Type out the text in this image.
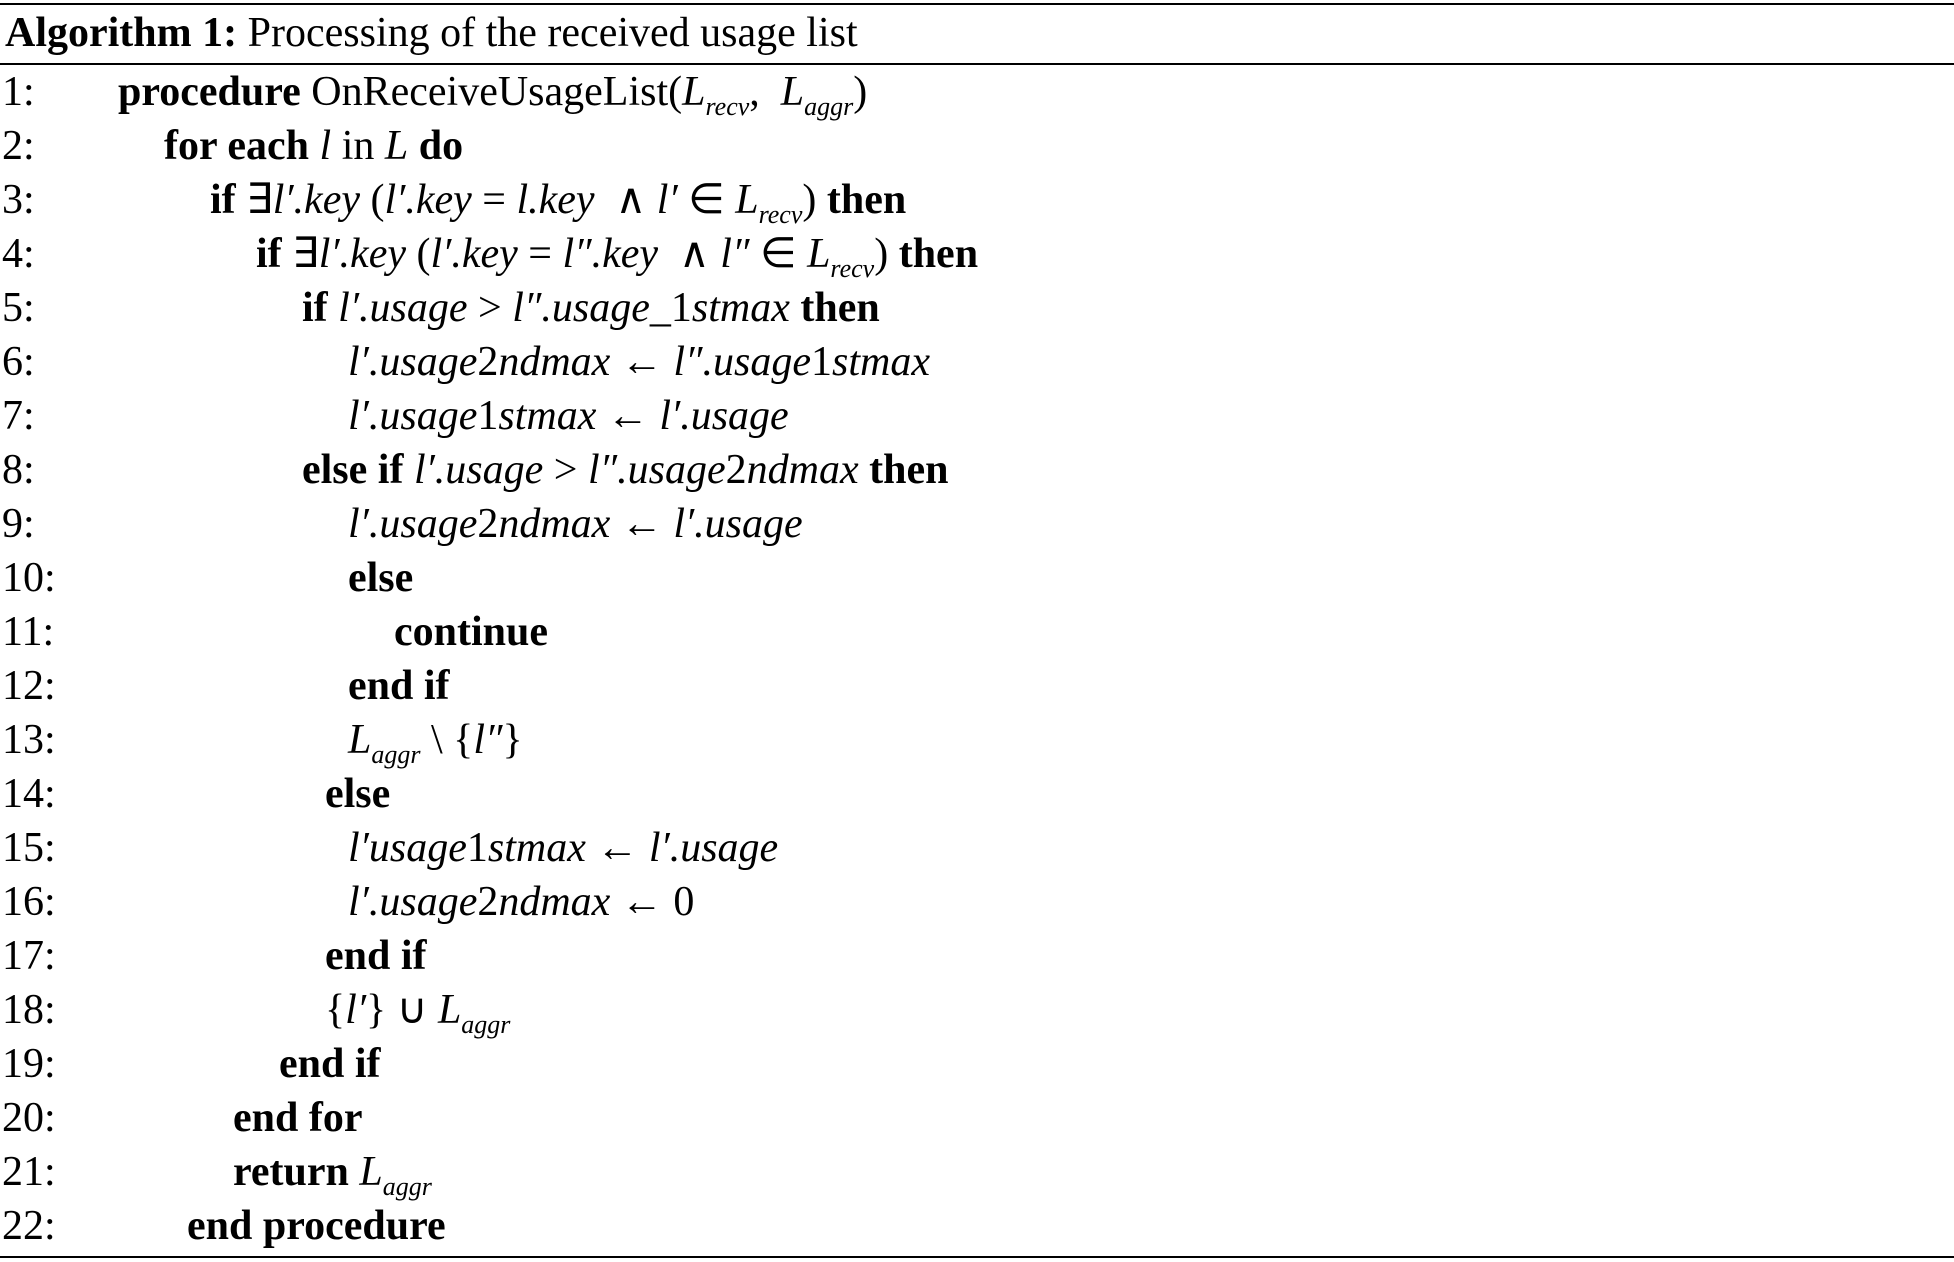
Algorithm 1: Processing of the received usage list
1:	procedure $OnReceiveUsageList(L_{recv}$,  $L_{aggr}$)
2:	for each l in L do
3:	if ∃l′.key (l′.key = l.key  ∧ l′ ∈ $L_{recv}$) then
4:	if ∃l′.key (l′.key = l″.key  ∧ l″ ∈ $L_{recv}$) then
5:	if l′.usage > l″.usage_1stmax then
6:	l′.usage2ndmax ← l″.usage1stmax
7:	l′.usage1stmax ← l′.usage
8:	else if l′.usage > l″.usage2ndmax then
9:	l′.usage2ndmax ← l′.usage
10:	else
11:	continue
12:	end if
13:	$L_{aggr}$ \ {l″}
14:	else
15:	l′usage1stmax ← l′.usage
16:	l′.usage2ndmax ← 0
17:	end if
18:	{l′} ∪ $L_{aggr}$
19:	end if
20:	end for
21:	return $L_{aggr}$
22:	end procedure
